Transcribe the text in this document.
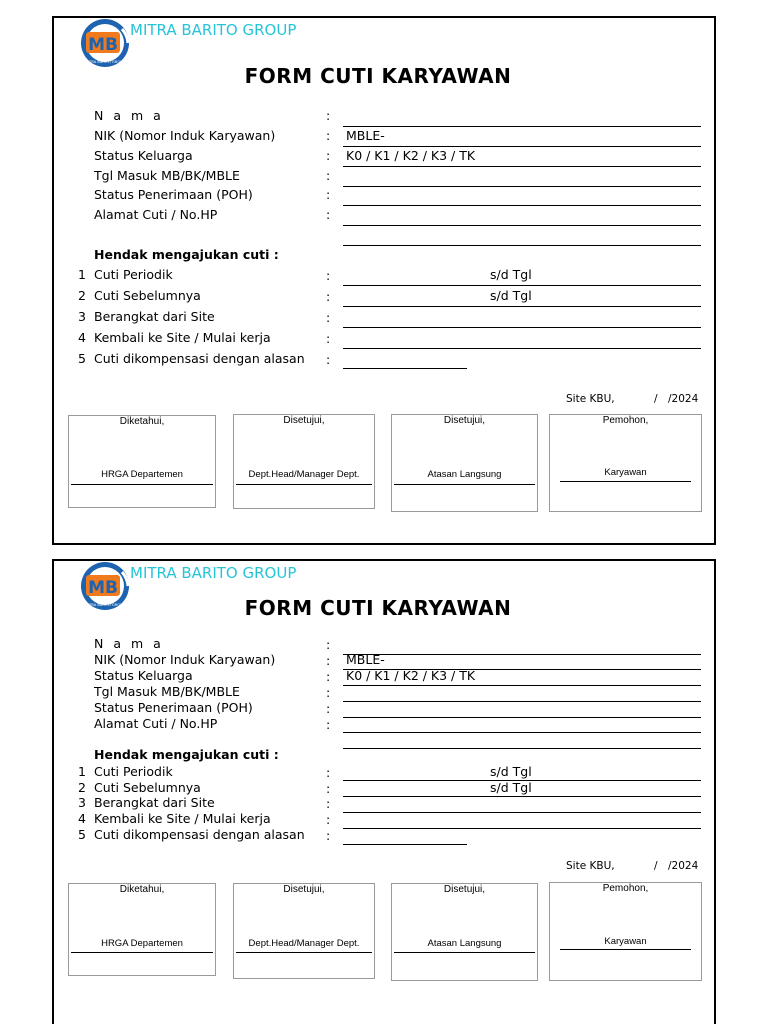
MB
MITRA BARITO GROUP
MITRA BARITO GROUP
FORM CUTI KARYAWAN
N a m a	:
NIK (Nomor Induk Karyawan)	: MBLE-
Status Keluarga	: K0 / K1 / K2 / K3 / TK
Tgl Masuk MB/BK/MBLE	:
Status Penerimaan (POH)	:
Alamat Cuti / No.HP	:
Hendak mengajukan cuti :
1 Cuti Periodik	:	s/d Tgl
2 Cuti Sebelumnya	:	s/d Tgl
3 Berangkat dari Site	:
4 Kembali ke Site / Mulai kerja	:
5 Cuti dikompensasi dengan alasan :
Site KBU,	/ /2024
Diketahui,
HRGA Departemen
Disetujui,
Dept.Head/Manager Dept.
Disetujui,
Atasan Langsung
Pemohon,
Karyawan
MB
MITRA BARITO GROUP
MITRA BARITO GROUP
FORM CUTI KARYAWAN
N a m a	:
NIK (Nomor Induk Karyawan)	: MBLE-
Status Keluarga	: K0 / K1 / K2 / K3 / TK
Tgl Masuk MB/BK/MBLE	:
Status Penerimaan (POH)	:
Alamat Cuti / No.HP	:
Hendak mengajukan cuti :
1 Cuti Periodik	:	s/d Tgl
2 Cuti Sebelumnya	:	s/d Tgl
3 Berangkat dari Site	:
4 Kembali ke Site / Mulai kerja	:
5 Cuti dikompensasi dengan alasan :
Site KBU,	/ /2024
Diketahui,
HRGA Departemen
Disetujui,
Dept.Head/Manager Dept.
Disetujui,
Atasan Langsung
Pemohon,
Karyawan
